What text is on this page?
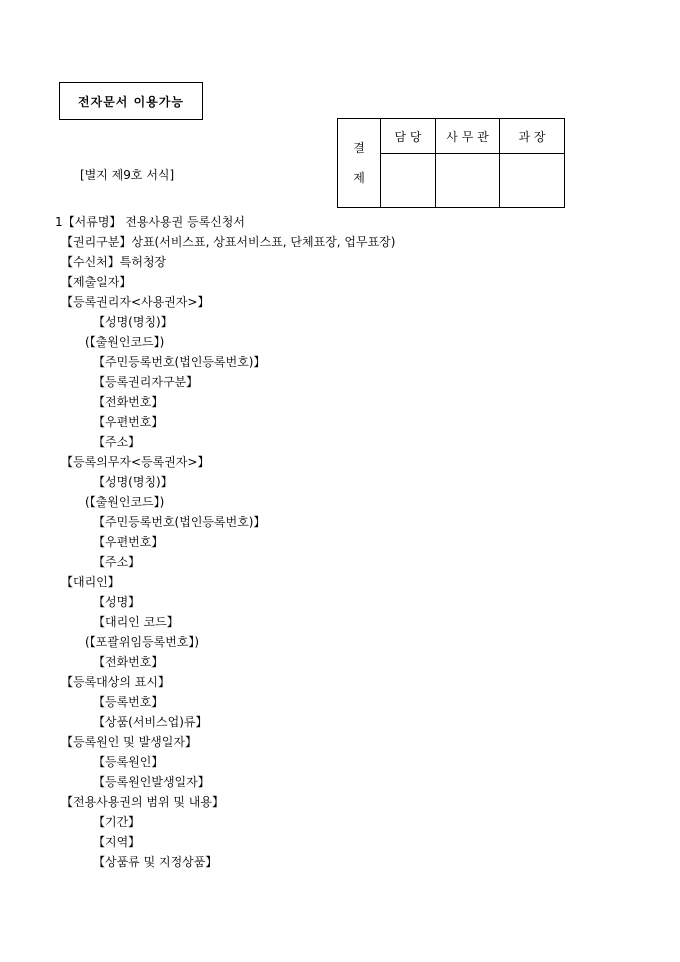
전자문서 이용가능
[별지 제9호 서식]
결
제	담 당	사 무 관	과 장

1【서류명】 전용사용권 등록신청서
【권리구분】상표(서비스표, 상표서비스표, 단체표장, 업무표장)
【수신처】특허청장
【제출일자】
【등록권리자<사용권자>】
【성명(명칭)】
(【출원인코드】)
【주민등록번호(법인등록번호)】
【등록권리자구분】
【전화번호】
【우편번호】
【주소】
【등록의무자<등록권자>】
【성명(명칭)】
(【출원인코드】)
【주민등록번호(법인등록번호)】
【우편번호】
【주소】
【대리인】
【성명】
【대리인 코드】
(【포괄위임등록번호】)
【전화번호】
【등록대상의 표시】
【등록번호】
【상품(서비스업)류】
【등록원인 및 발생일자】
【등록원인】
【등록원인발생일자】
【전용사용권의 범위 및 내용】
【기간】
【지역】
【상품류 및 지정상품】
